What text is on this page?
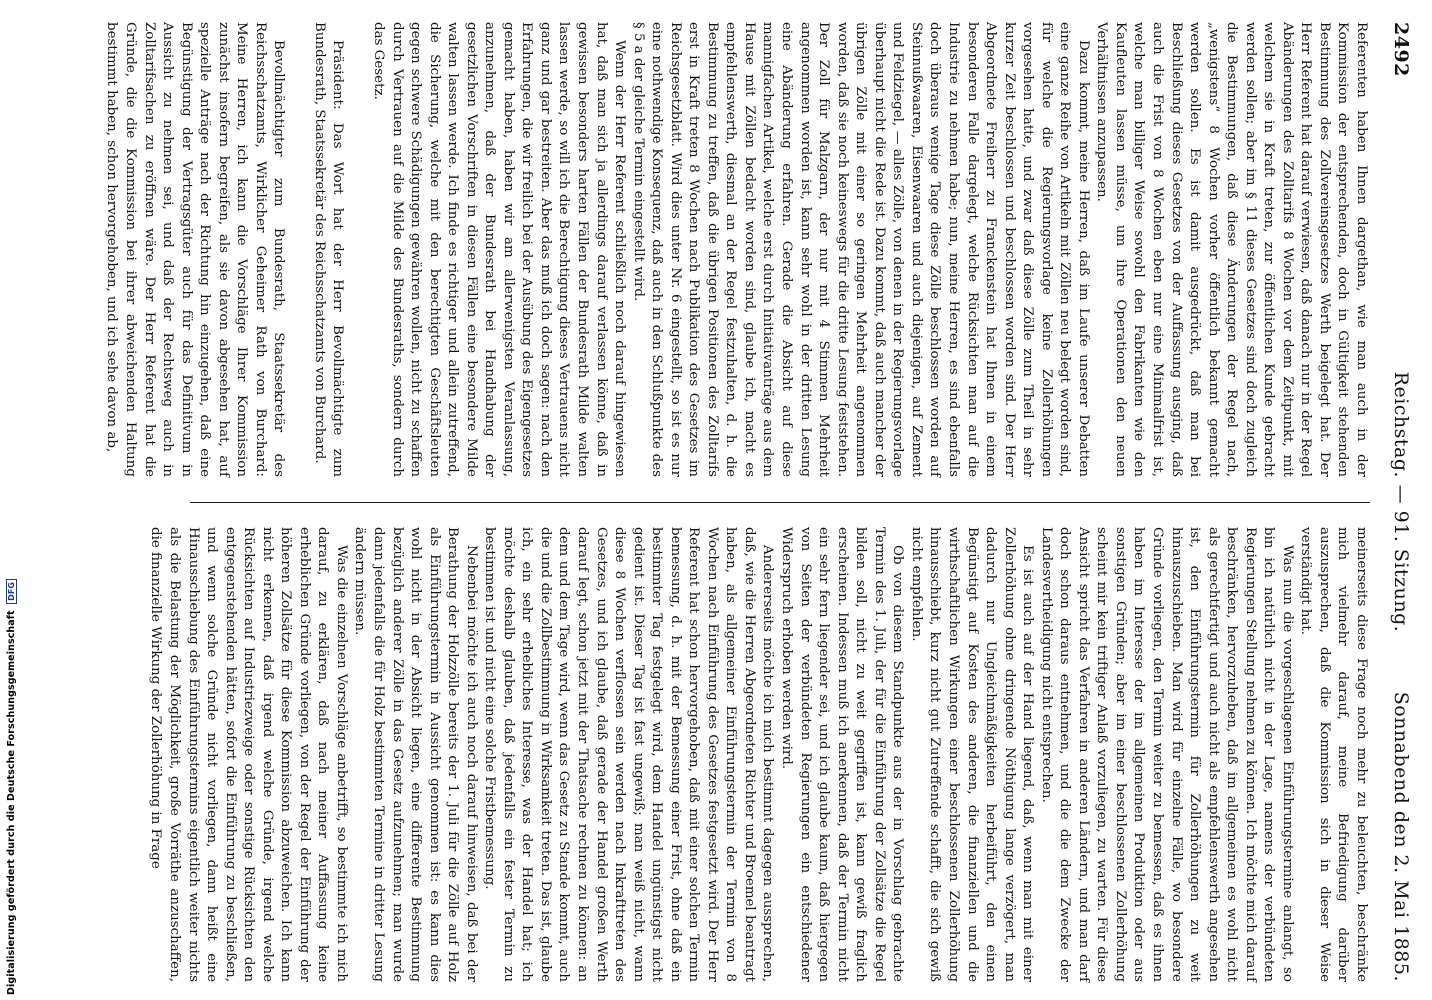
Digitalisierung gefördert durch die Deutsche Forschungsgemeinschaft DFG
2492
Reichstag. — 91. Sitzung.
Sonnabend den 2. Mai 1885.

Referenten haben Ihnen dargethan, wie man auch in der Kommission der entsprechenden, doch in Gültigkeit stehenden Bestimmung des Zollvereinsgesetzes Werth beigelegt hat. Der Herr Referent hat darauf verwiesen, daß danach nur in der Regel Abänderungen des Zolltarifs 8 Wochen vor dem Zeitpunkt, mit welchem sie in Kraft treten, zur öffentlichen Kunde gebracht werden sollen; aber im § 11 dieses Gesetzes sind doch zugleich die Bestimmungen, daß diese Änderungen der Regel nach, „wenigstens“ 8 Wochen vorher öffentlich bekannt gemacht werden sollen. Es ist damit ausgedrückt, daß man bei Beschließung dieses Gesetzes von der Auffassung ausging, daß auch die Frist von 8 Wochen eben nur eine Minimalfrist ist, welche man billiger Weise sowohl den Fabrikanten wie den Kaufleuten lassen müsse, um ihre Operationen den neuen Verhältnissen anzupassen.

Dazu kommt, meine Herren, daß im Laufe unserer Debatten eine ganze Reihe von Artikeln mit Zöllen neu belegt worden sind, für welche die Regierungsvorlage keine Zollerhöhungen vorgesehen hatte, und zwar daß diese Zölle zum Theil in sehr kurzer Zeit beschlossen und beschlossen worden sind. Der Herr Abgeordnete Freiherr zu Franckenstein hat Ihnen in einem besonderen Falle dargelegt, welche Rücksichten man auf die Industrie zu nehmen habe; nun, meine Herren, es sind ebenfalls doch überaus wenige Tage diese Zölle beschlossen worden auf Steinnußwaaren, Eisenwaaren und auch diejenigen, auf Zement und Feldziegel, — alles Zölle, von denen in der Regierungsvorlage überhaupt nicht die Rede ist. Dazu kommt, daß auch mancher der übrigen Zölle mit einer so geringen Mehrheit angenommen worden, daß sie noch keineswegs für die dritte Lesung feststehen. Der Zoll für Malzgarn, der nur mit 4 Stimmen Mehrheit angenommen worden ist, kann sehr wohl in der dritten Lesung eine Abänderung erfahren. Gerade die Absicht auf diese mannigfachen Artikel, welche erst durch Initiativanträge aus dem Hause mit Zöllen bedacht worden sind, glaube ich, macht es empfehlenswerth, diesmal an der Regel festzuhalten, d. h. die Bestimmung zu treffen, daß die übrigen Positionen des Zolltarifs erst in Kraft treten 8 Wochen nach Publikation des Gesetzes im Reichsgesetzblatt. Wird dies unter Nr. 6 eingestellt, so ist es nur eine nothwendige Konsequenz, daß auch in den Schlußpunkte des § 5 a der gleiche Termin eingestellt wird.

Wenn der Herr Referent schließlich noch darauf hingewiesen hat, daß man sich ja allerdings darauf verlassen könne, daß in gewissen besonders harten Fällen der Bundesrath Milde walten lassen werde, so will ich die Berechtigung dieses Vertrauens nicht ganz und gar bestreiten. Aber das muß ich doch sagen: nach den Erfahrungen, die wir freilich bei der Ausübung des Eigengesetzes gemacht haben, haben wir am allerwenigsten Veranlassung, anzunehmen, daß der Bundesrath bei Handhabung der gesetzlichen Vorschriften in diesen Fällen eine besondere Milde walten lassen werde. Ich finde es richtiger und allein zutreffend, die Sicherung, welche mit den berechtigten Geschäftsleuten gegen schwere Schädigungen gewähren wollen, nicht zu schaffen durch Vertrauen auf die Milde des Bundesraths, sondern durch das Gesetz.

Präsident: Das Wort hat der Herr Bevollmächtigte zum Bundesrath, Staatssekretär des Reichsschatzamts von Burchard.

Bevollmächtigter zum Bundesrath, Staatssekretär des Reichsschatzamts, Wirklicher Geheimer Rath von Burchard: Meine Herren, ich kann die Vorschläge Ihrer Kommission zunächst insofern begreifen, als sie davon abgesehen hat, auf spezielle Anträge nach der Richtung hin einzugehen, daß eine Begünstigung der Vertragsgüter auch für das Definitivum in Aussicht zu nehmen sei, und daß der Rechtsweg auch in Zolltarifsachen zu eröffnen wäre. Der Herr Referent hat die Gründe, die die Kommission bei ihrer abweichenden Haltung bestimmt haben, schon hervorgehoben, und ich sehe davon ab,

meinerseits diese Frage noch mehr zu beleuchten, beschränke mich vielmehr darauf, meine Befriedigung darüber auszusprechen, daß die Kommission sich in dieser Weise verständigt hat.

Was nun die vorgeschlagenen Einführungstermine anlangt, so bin ich natürlich nicht in der Lage, namens der verbündeten Regierungen Stellung nehmen zu können. Ich möchte mich darauf beschränken, hervorzuheben, daß im allgemeinen es wohl nicht als gerechtfertigt und auch nicht als empfehlenswerth angesehen ist, den Einführungstermin für Zollerhöhungen zu weit hinauszuschieben. Man wird für einzelne Fälle, wo besondere Gründe vorliegen, den Termin weiter zu bemessen, daß es ihnen haben im Interesse der im allgemeinen Produktion oder aus sonstigen Gründen; aber im einer beschlossenen Zollerhöhung scheint mir kein triftiger Anlaß vorzuliegen, zu warten. Für diese Ansicht spricht das Verfahren in anderen Ländern, und man darf doch schon daraus entnehmen, und die die dem Zwecke der Landesvertheidigung nicht entsprechen.

Es ist auch auf der Hand liegend, daß, wenn man mit einer Zollerhöhung ohne dringende Nöthigung lange verzögert, man dadurch nur Ungleichmäßigkeiten herbeiführt, den einen Begünstigt auf Kosten des anderen, die finanziellen und die wirthschaftlichen Wirkungen einer beschlossenen Zollerhöhung hinausschiebt, kurz nicht gut Zutreffende schafft, die sich gewiß nicht empfehlen.

Ob von diesem Standpunkte aus der in Vorschlag gebrachte Termin des 1. Juli, der für die Einführung der Zollsätze die Regel bilden soll, nicht zu weit gegriffen ist, kann gewiß fraglich erscheinen. Indessen muß ich anerkennen, daß der Termin nicht ein sehr fern liegender sei, und ich glaube kaum, daß hiergegen von Seiten der verbündeten Regierungen ein entschiedener Widerspruch erhoben werden wird.

Andererseits möchte ich mich bestimmt dagegen aussprechen, daß, wie die Herren Abgeordneten Richter und Broemel beantragt haben, als allgemeiner Einführungstermin der Termin von 8 Wochen nach Einführung des Gesetzes festgesetzt wird. Der Herr Referent hat schon hervorgehoben, daß mit einer solchen Termin bemessung, d. h. mit der Bemessung einer Frist, ohne daß ein bestimmter Tag festgelegt wird, dem Handel ungünstigst nicht gedient ist. Dieser Tag ist fast ungewiß; man weiß nicht, wann diese 8 Wochen verflossen sein werden nach Inkrafttreten des Gesetzes, und ich glaube, daß gerade der Handel großen Werth darauf legt, schon jetzt mit der Thatsache rechnen zu können: an dem und dem Tage wird, wenn das Gesetz zu Stande kommt, auch die und die Zollbestimmung in Wirksamkeit treten. Das ist, glaube ich, ein sehr erhebliches Interesse, was der Handel hat; ich möchte deshalb glauben, daß jedenfalls ein fester Termin zu bestimmen ist und nicht eine solche Fristbemessung.

Nebenbei möchte ich auch noch darauf hinweisen, daß bei der Berathung der Holzzölle bereits der 1. Juli für die Zölle auf Holz als Einführungstermin in Aussicht genommen ist: es kann dies wohl nicht in der Absicht liegen, eine differente Bestimmung bezüglich anderer Zölle in das Gesetz aufzunehmen; man wurde dann jedenfalls die für Holz bestimmten Termine in dritter Lesung ändern müssen.

Was die einzelnen Vorschläge anbetrifft, so bestimmte ich mich darauf, zu erklären, daß nach meiner Auffassung keine erheblichen Gründe vorliegen, von der Regel der Einführung der höheren Zollsätze für diese Kommission abzuweichen. Ich kann nicht erkennen, daß irgend welche Gründe, irgend welche Rücksichten auf Industriezweige oder sonstige Rücksichten den entgegenstehenden hätten, sofort die Einführung zu beschließen, und wenn solche Gründe nicht vorliegen, dann heißt eine Hinausschiebung des Einführungstermins eigentlich weiter nichts als die Belastung der Möglichkeit, große Vorräthe anzuschaffen, die finanzielle Wirkung der Zollerhöhung in Frage
